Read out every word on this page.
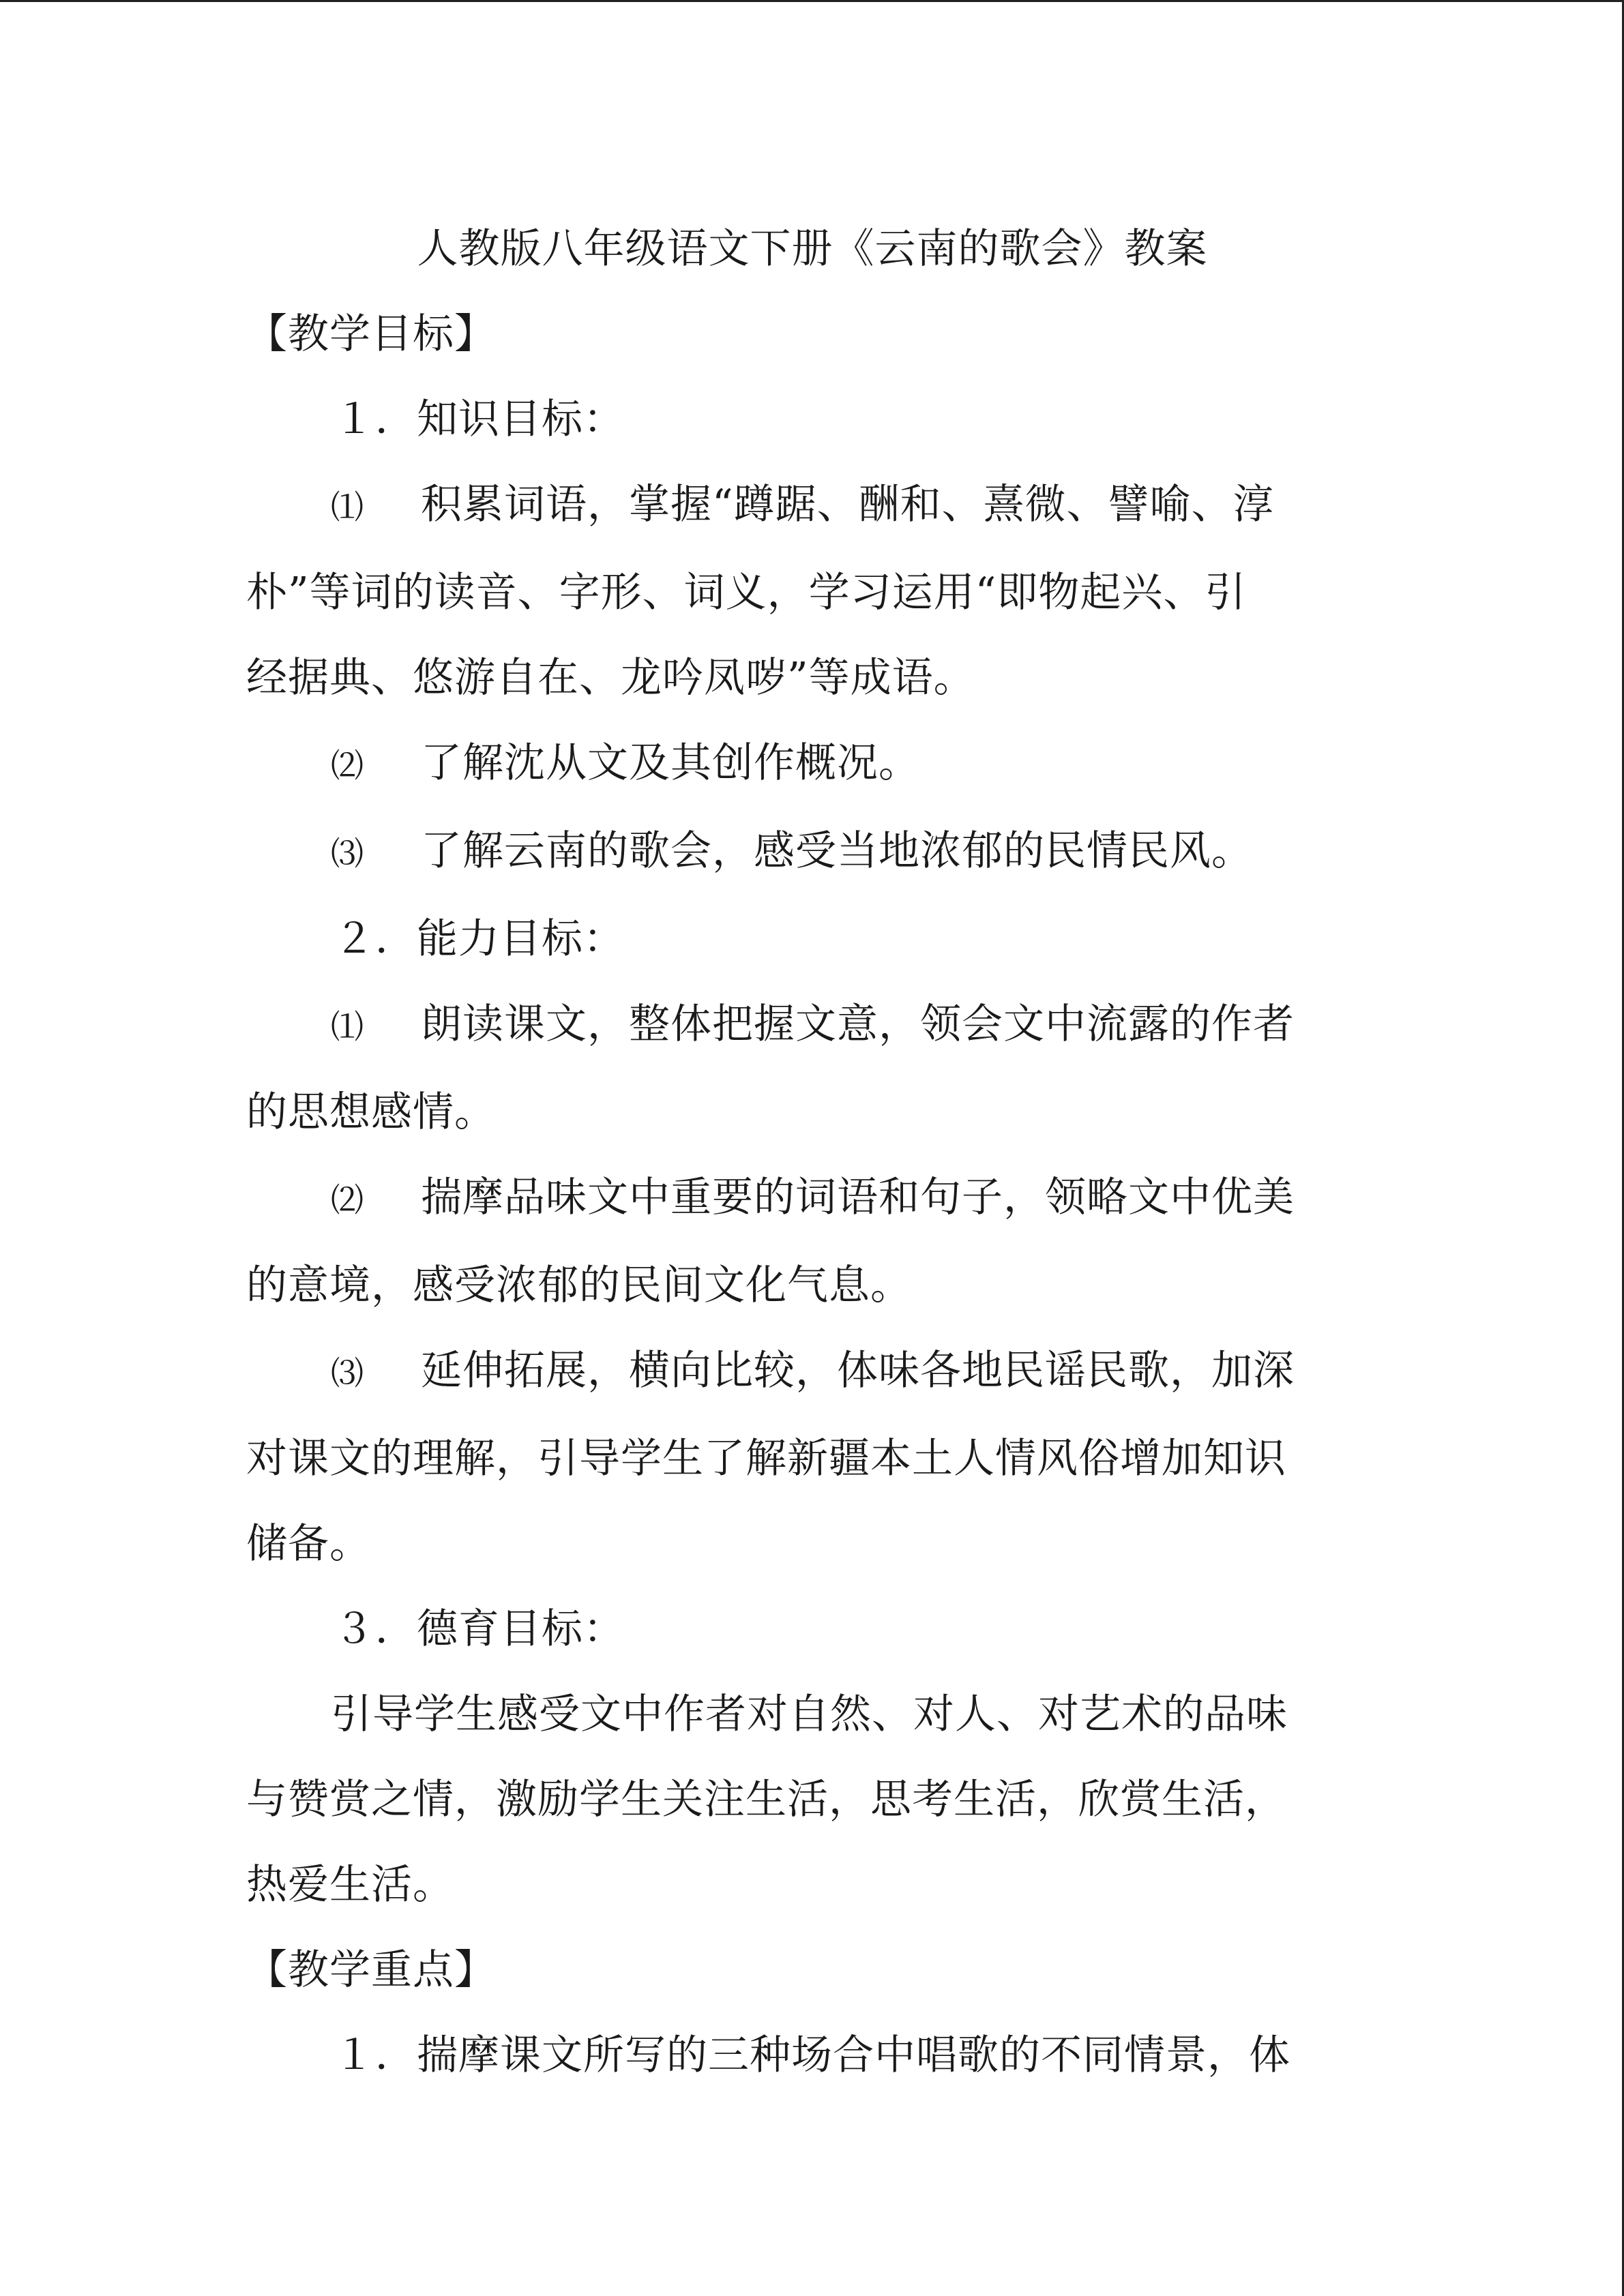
人教版八年级语文下册《云南的歌会》教案
【教学目标】
１．知识目标：
⑴ 积累词语，掌握“蹲踞、酬和、熹微、譬喻、淳
朴”等词的读音、字形、词义，学习运用“即物起兴、引
经据典、悠游自在、龙吟凤哕”等成语。
⑵ 了解沈从文及其创作概况。
⑶ 了解云南的歌会，感受当地浓郁的民情民风。
２．能力目标：
⑴ 朗读课文，整体把握文意，领会文中流露的作者
的思想感情。
⑵ 揣摩品味文中重要的词语和句子，领略文中优美
的意境，感受浓郁的民间文化气息。
⑶ 延伸拓展，横向比较，体味各地民谣民歌，加深
对课文的理解，引导学生了解新疆本土人情风俗增加知识
储备。
３．德育目标：
引导学生感受文中作者对自然、对人、对艺术的品味
与赞赏之情，激励学生关注生活，思考生活，欣赏生活，
热爱生活。
【教学重点】
１．揣摩课文所写的三种场合中唱歌的不同情景，体
